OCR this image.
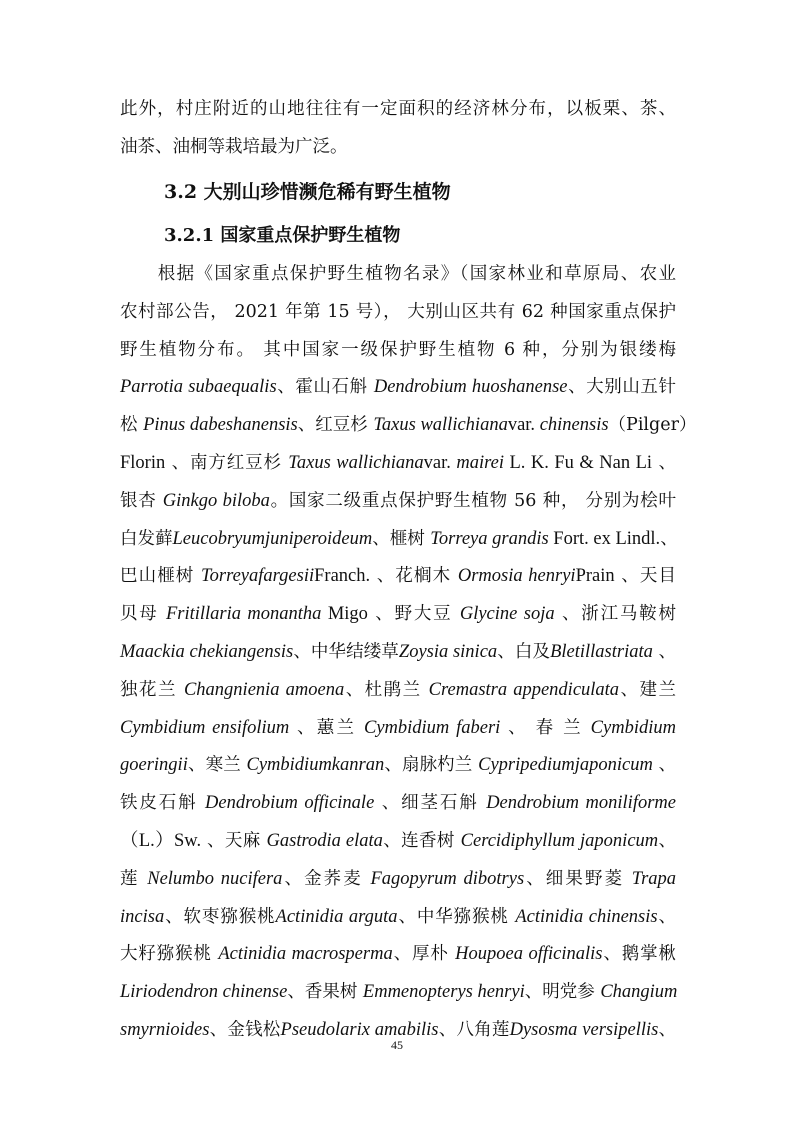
此外，村庄附近的山地往往有一定面积的经济林分布，以板栗、茶、
油茶、油桐等栽培最为广泛。
3.2 大别山珍惜濒危稀有野生植物
3.2.1 国家重点保护野生植物
　　根据《国家重点保护野生植物名录》（国家林业和草原局、农业
农村部公告， 2021 年第 15 号）， 大别山区共有 62 种国家重点保护
野生植物分布。 其中国家一级保护野生植物 6 种，分别为银缕梅
Parrotia subaequalis、霍山石斛 Dendrobium huoshanense、大别山五针
松 Pinus dabeshanensis、红豆杉 Taxus wallichianavar. chinensis（Pilger）
Florin 、南方红豆杉 Taxus wallichianavar. mairei L. K. Fu & Nan Li 、
银杏 Ginkgo biloba。国家二级重点保护野生植物 56 种， 分别为桧叶
白发藓Leucobryumjuniperoideum、榧树 Torreya grandis Fort. ex Lindl.、
巴山榧树 TorreyafargesiiFranch. 、花榈木 Ormosia henryiPrain 、天目
贝母 Fritillaria monantha Migo 、野大豆 Glycine soja 、浙江马鞍树
Maackia chekiangensis、中华结缕草Zoysia sinica、白及Bletillastriata 、
独花兰 Changnienia amoena、杜鹃兰 Cremastra appendiculata、建兰
Cymbidium ensifolium 、蕙兰 Cymbidium faberi 、 春 兰 Cymbidium
goeringii、寒兰 Cymbidiumkanran、扇脉杓兰 Cypripediumjaponicum 、
铁皮石斛 Dendrobium officinale 、细茎石斛 Dendrobium moniliforme
（L.）Sw. 、天麻 Gastrodia elata、连香树 Cercidiphyllum japonicum、
莲 Nelumbo nucifera、金荞麦 Fagopyrum dibotrys、细果野菱 Trapa
incisa、软枣猕猴桃Actinidia arguta、中华猕猴桃 Actinidia chinensis、
大籽猕猴桃 Actinidia macrosperma、厚朴 Houpoea officinalis、鹅掌楸
Liriodendron chinense、香果树 Emmenopterys henryi、明党参 Changium
smyrnioides、金钱松Pseudolarix amabilis、八角莲Dysosma versipellis、
45
